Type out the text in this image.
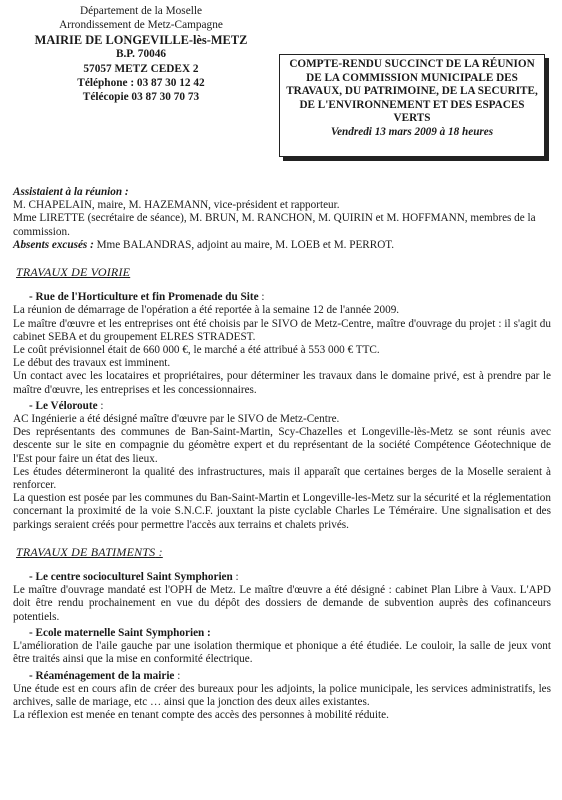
Département de la Moselle
Arrondissement de Metz-Campagne
MAIRIE DE LONGEVILLE-lès-METZ
B.P. 70046
57057 METZ CEDEX 2
Téléphone : 03 87 30 12 42
Télécopie 03 87 30 70 73
COMPTE-RENDU SUCCINCT DE LA RÉUNION DE LA COMMISSION MUNICIPALE DES TRAVAUX, DU PATRIMOINE, DE LA SECURITE, DE L'ENVIRONNEMENT ET DES ESPACES VERTS
Vendredi 13 mars 2009 à 18 heures

Assistaient à la réunion :

M. CHAPELAIN, maire, M. HAZEMANN, vice-président et rapporteur.

Mme LIRETTE (secrétaire de séance), M. BRUN, M. RANCHON, M. QUIRIN et M. HOFFMANN, membres de la commission.

Absents excusés : Mme BALANDRAS, adjoint au maire, M. LOEB et M. PERROT.

TRAVAUX DE VOIRIE

- Rue de l'Horticulture et fin Promenade du Site :

La réunion de démarrage de l'opération a été reportée à la semaine 12 de l'année 2009.

Le maître d'œuvre et les entreprises ont été choisis par le SIVO de Metz-Centre, maître d'ouvrage du projet : il s'agit du cabinet SEBA et du groupement ELRES STRADEST.

Le coût prévisionnel était de 660 000 €, le marché a été attribué à 553 000 € TTC.

Le début des travaux est imminent.

Un contact avec les locataires et propriétaires, pour déterminer les travaux dans le domaine privé, est à prendre par le maître d'œuvre, les entreprises et les concessionnaires.

- Le Véloroute :

AC Ingénierie a été désigné maître d'œuvre par le SIVO de Metz-Centre.

Des représentants des communes de Ban-Saint-Martin, Scy-Chazelles et Longeville-lès-Metz se sont réunis avec descente sur le site en compagnie du géomètre expert et du représentant de la société Compétence Géotechnique de l'Est pour faire un état des lieux.

Les études détermineront la qualité des infrastructures, mais il apparaît que certaines berges de la Moselle seraient à renforcer.

La question est posée par les communes du Ban-Saint-Martin et Longeville-les-Metz sur la sécurité et la réglementation concernant la proximité de la voie S.N.C.F. jouxtant la piste cyclable Charles Le Téméraire. Une signalisation et des parkings seraient créés pour permettre l'accès aux terrains et chalets privés.

TRAVAUX DE BATIMENTS :

- Le centre socioculturel Saint Symphorien :

Le maître d'ouvrage mandaté est l'OPH de Metz. Le maître d'œuvre a été désigné : cabinet Plan Libre à Vaux. L'APD doit être rendu prochainement en vue du dépôt des dossiers de demande de subvention auprès des cofinanceurs potentiels.

- Ecole maternelle Saint Symphorien :

L'amélioration de l'aile gauche par une isolation thermique et phonique a été étudiée. Le couloir, la salle de jeux vont être traités ainsi que la mise en conformité électrique.

- Réaménagement de la mairie :

Une étude est en cours afin de créer des bureaux pour les adjoints, la police municipale, les services administratifs, les archives, salle de mariage, etc … ainsi que la jonction des deux ailes existantes.

La réflexion est menée en tenant compte des accès des personnes à mobilité réduite.
